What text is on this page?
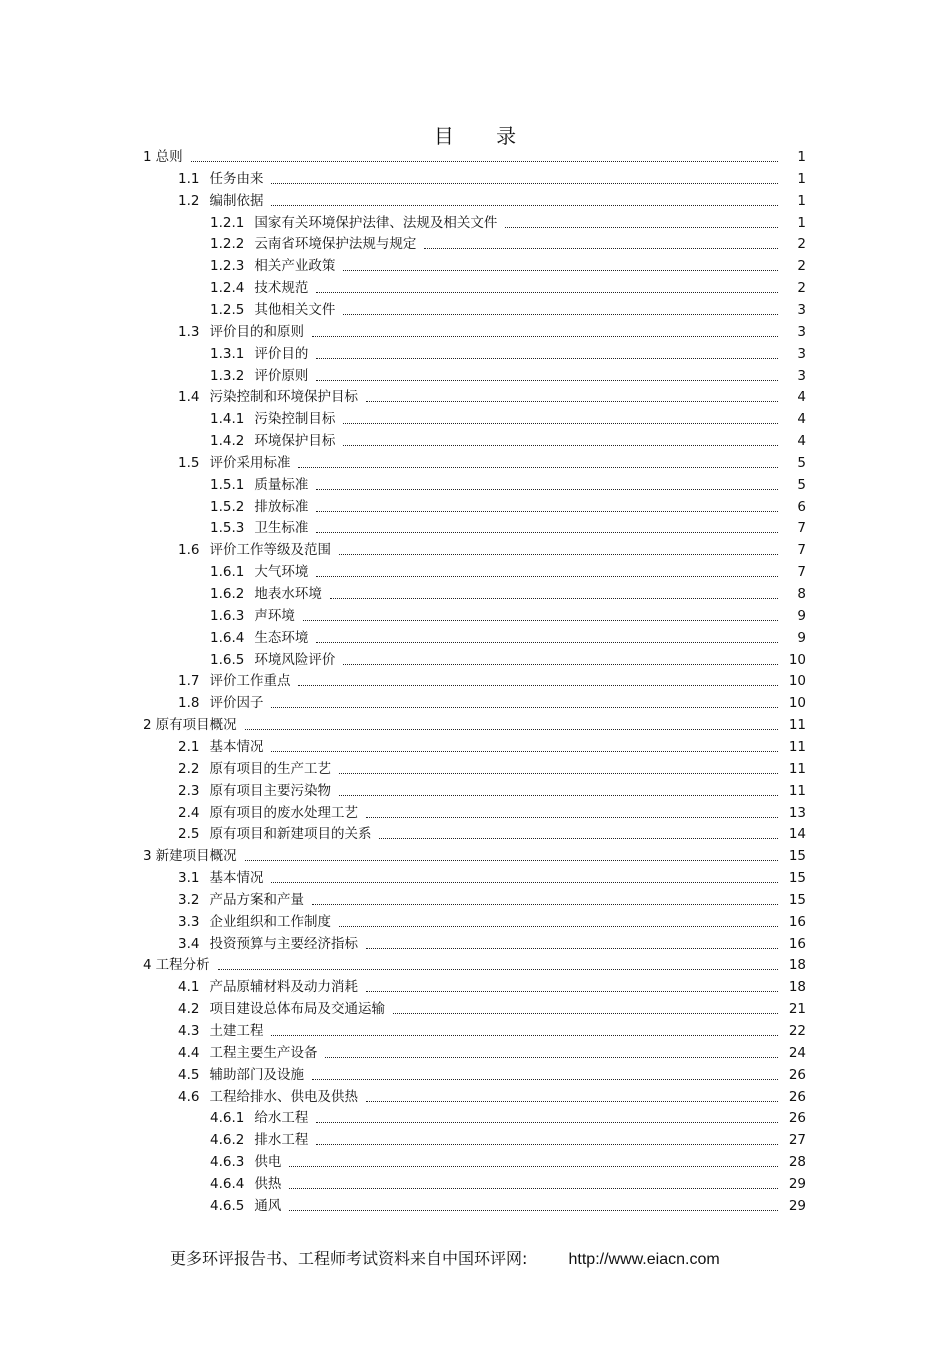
目 录
1 总则	1
1.1 任务由来	1
1.2 编制依据	1
1.2.1 国家有关环境保护法律、法规及相关文件	1
1.2.2 云南省环境保护法规与规定	2
1.2.3 相关产业政策	2
1.2.4 技术规范	2
1.2.5 其他相关文件	3
1.3 评价目的和原则	3
1.3.1 评价目的	3
1.3.2 评价原则	3
1.4 污染控制和环境保护目标	4
1.4.1 污染控制目标	4
1.4.2 环境保护目标	4
1.5 评价采用标准	5
1.5.1 质量标准	5
1.5.2 排放标准	6
1.5.3 卫生标准	7
1.6 评价工作等级及范围	7
1.6.1 大气环境	7
1.6.2 地表水环境	8
1.6.3 声环境	9
1.6.4 生态环境	9
1.6.5 环境风险评价	10
1.7 评价工作重点	10
1.8 评价因子	10
2 原有项目概况	11
2.1 基本情况	11
2.2 原有项目的生产工艺	11
2.3 原有项目主要污染物	11
2.4 原有项目的废水处理工艺	13
2.5 原有项目和新建项目的关系	14
3 新建项目概况	15
3.1 基本情况	15
3.2 产品方案和产量	15
3.3 企业组织和工作制度	16
3.4 投资预算与主要经济指标	16
4 工程分析	18
4.1 产品原辅材料及动力消耗	18
4.2 项目建设总体布局及交通运输	21
4.3 土建工程	22
4.4 工程主要生产设备	24
4.5 辅助部门及设施	26
4.6 工程给排水、供电及供热	26
4.6.1 给水工程	26
4.6.2 排水工程	27
4.6.3 供电	28
4.6.4 供热	29
4.6.5 通风	29
更多环评报告书、工程师考试资料来自中国环评网:	http://www.eiacn.com
